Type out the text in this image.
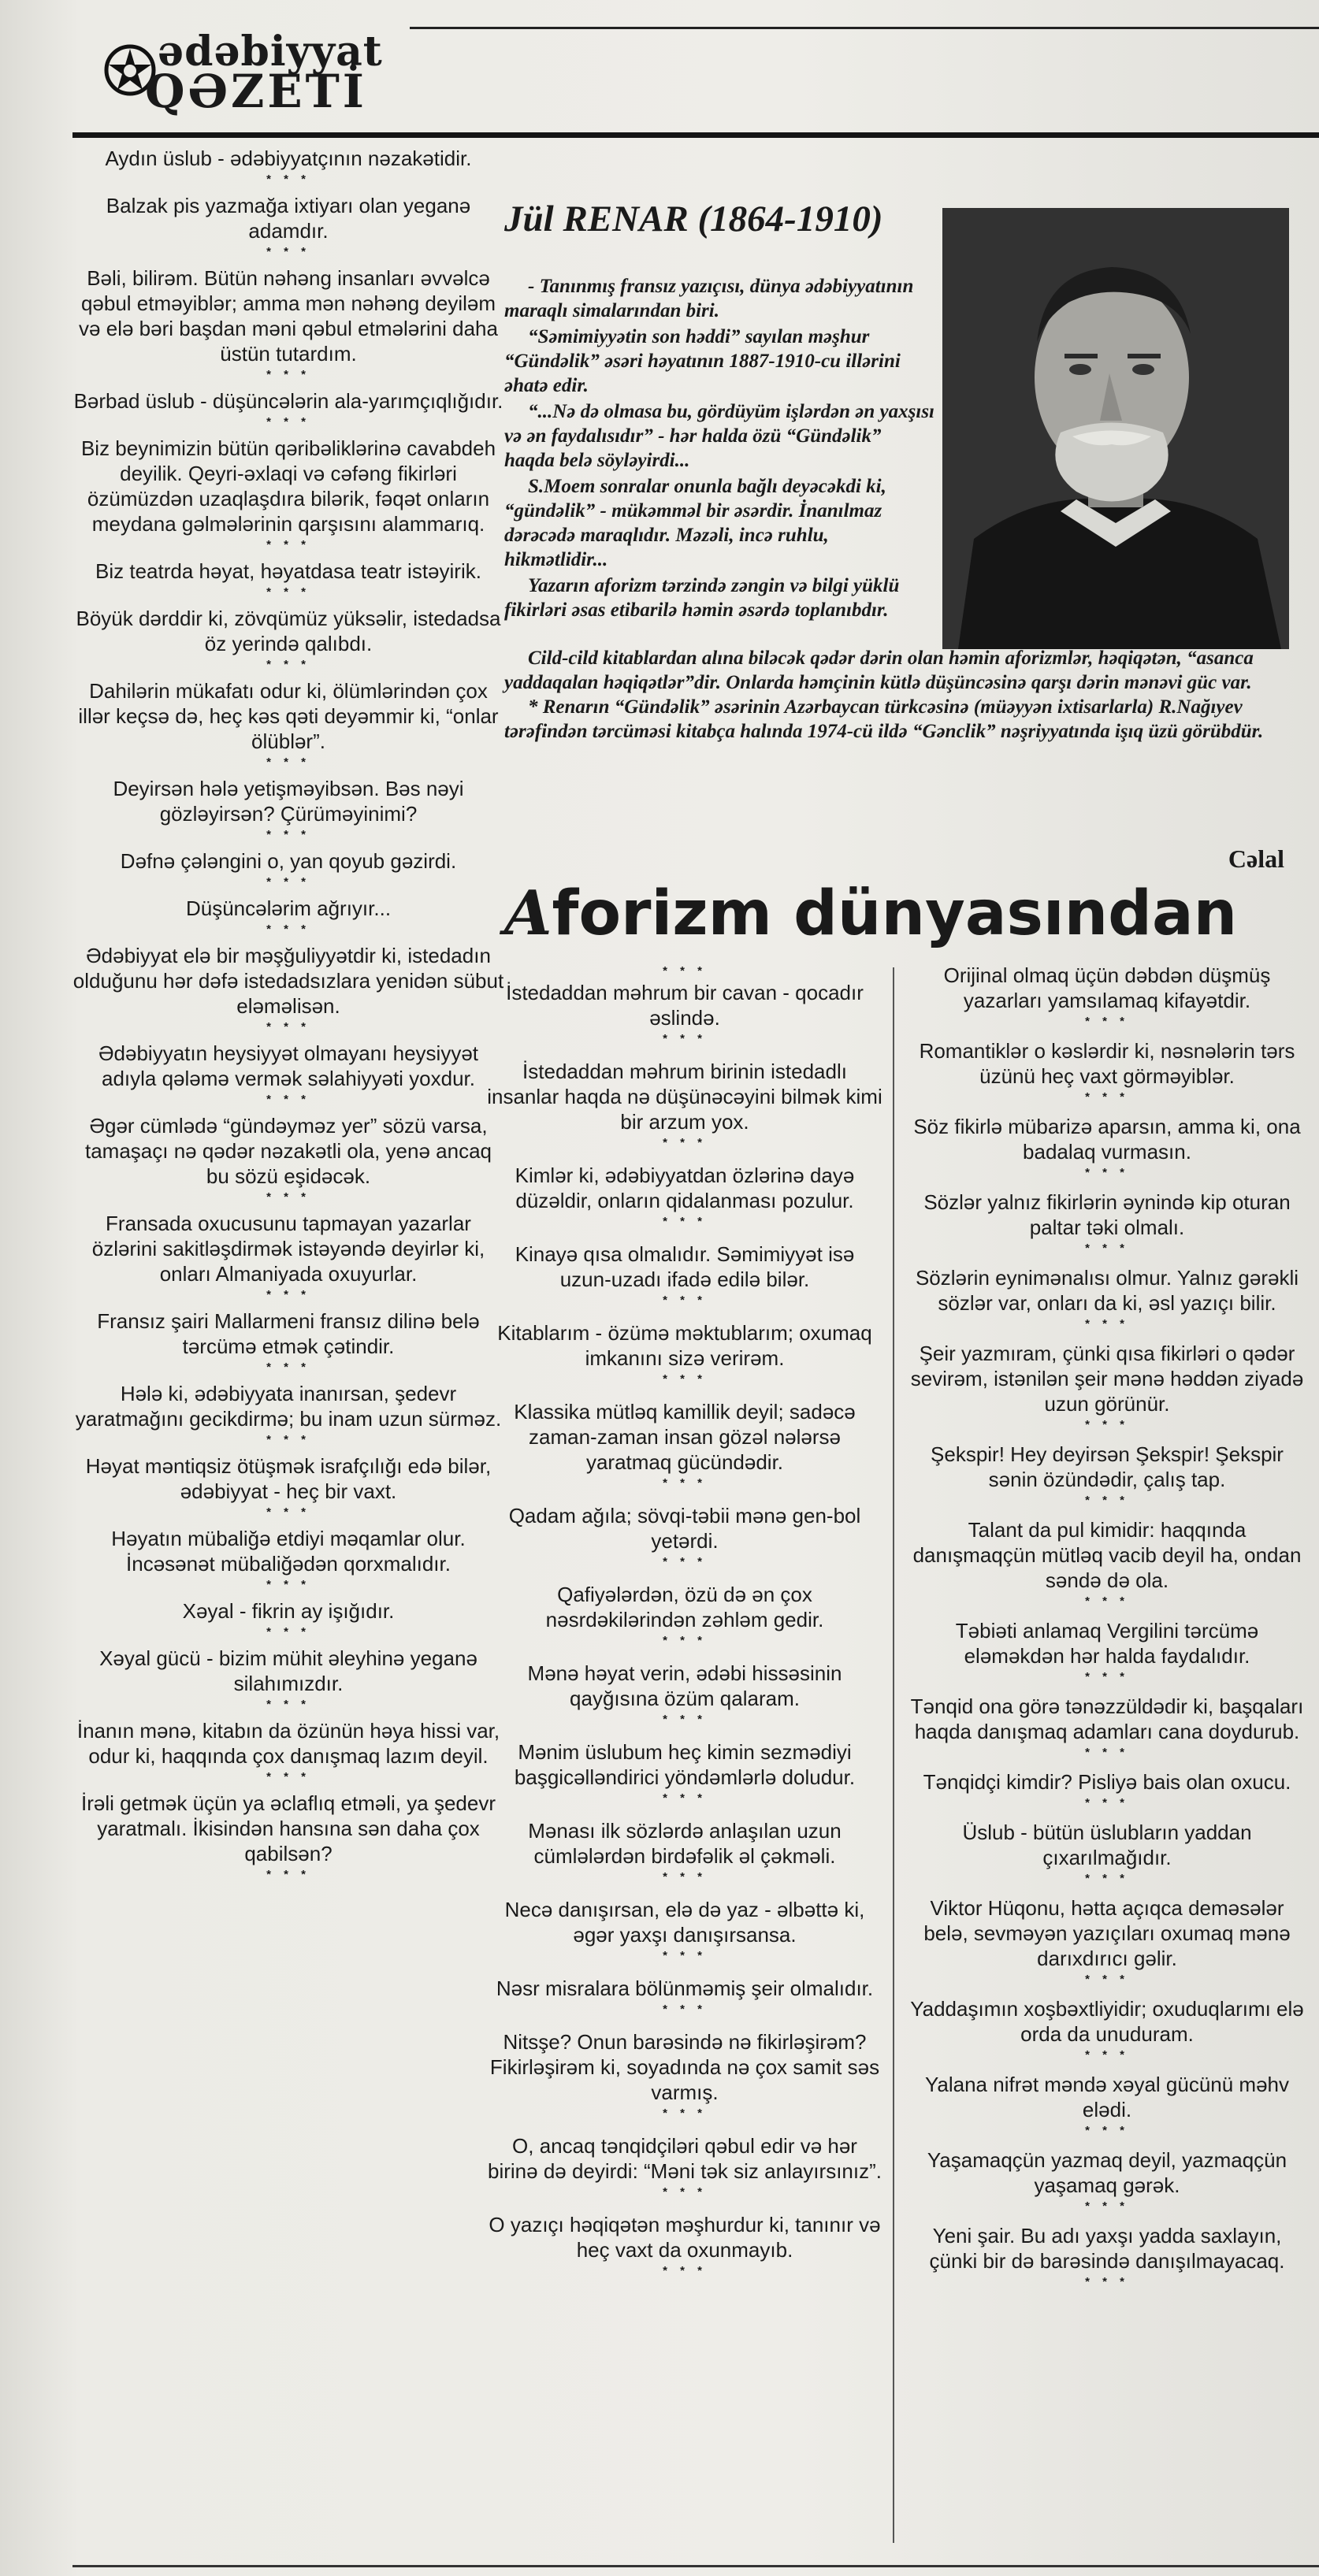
ədəbiyyat
QƏZETİ

Aydın üslub - ədəbiyyatçının nəzakətidir.

* * *

Balzak pis yazmağa ixtiyarı olan yeganə adamdır.

* * *

Bəli, bilirəm. Bütün nəhəng insanları əvvəlcə qəbul etməyiblər; amma mən nəhəng deyiləm və elə bəri başdan məni qəbul etmələrini daha üstün tutardım.

* * *

Bərbad üslub - düşüncələrin ala-yarımçıqlığıdır.

* * *

Biz beynimizin bütün qəribəliklərinə cavabdeh deyilik. Qeyri-əxlaqi və cəfəng fikirləri özümüzdən uzaqlaşdıra bilərik, fəqət onların meydana gəlmələrinin qarşısını alammarıq.

* * *

Biz teatrda həyat, həyatdasa teatr istəyirik.

* * *

Böyük dərddir ki, zövqümüz yüksəlir, istedadsa öz yerində qalıbdı.

* * *

Dahilərin mükafatı odur ki, ölümlərindən çox illər keçsə də, heç kəs qəti deyəmmir ki, “onlar ölüblər”.

* * *

Deyirsən hələ yetişməyibsən. Bəs nəyi gözləyirsən? Çürüməyinimi?

* * *

Dəfnə çələngini o, yan qoyub gəzirdi.

* * *

Düşüncələrim ağrıyır...

* * *

Ədəbiyyat elə bir məşğuliyyətdir ki, istedadın olduğunu hər dəfə istedadsızlara yenidən sübut eləməlisən.

* * *

Ədəbiyyatın heysiyyət olmayanı heysiyyət adıyla qələmə vermək səlahiyyəti yoxdur.

* * *

Əgər cümlədə “gündəyməz yer” sözü varsa, tamaşaçı nə qədər nəzakətli ola, yenə ancaq bu sözü eşidəcək.

* * *

Fransada oxucusunu tapmayan yazarlar özlərini sakitləşdirmək istəyəndə deyirlər ki, onları Almaniyada oxuyurlar.

* * *

Fransız şairi Mallarmeni fransız dilinə belə tərcümə etmək çətindir.

* * *

Hələ ki, ədəbiyyata inanırsan, şedevr yaratmağını gecikdirmə; bu inam uzun sürməz.

* * *

Həyat məntiqsiz ötüşmək israfçılığı edə bilər, ədəbiyyat - heç bir vaxt.

* * *

Həyatın mübaliğə etdiyi məqamlar olur. İncəsənət mübaliğədən qorxmalıdır.

* * *

Xəyal - fikrin ay işığıdır.

* * *

Xəyal gücü - bizim mühit əleyhinə yeganə silahımızdır.

* * *

İnanın mənə, kitabın da özünün həya hissi var, odur ki, haqqında çox danışmaq lazım deyil.

* * *

İrəli getmək üçün ya əclaflıq etməli, ya şedevr yaratmalı. İkisindən hansına sən daha çox qabilsən?

* * *
Jül RENAR (1864-1910)

- Tanınmış fransız yazıçısı, dünya ədəbiyyatının maraqlı simalarından biri.

“Səmimiyyətin son həddi” sayılan məşhur “Gündəlik” əsəri həyatının 1887-1910-cu illərini əhatə edir.

“...Nə də olmasa bu, gördüyüm işlərdən ən yaxşısı və ən faydalısıdır” - hər halda özü “Gündəlik” haqda belə söyləyirdi...

S.Moem sonralar onunla bağlı deyəcəkdi ki, “gündəlik” - mükəmməl bir əsərdir. İnanılmaz dərəcədə maraqlıdır. Məzəli, incə ruhlu, hikmətlidir...

Yazarın aforizm tərzində zəngin və bilgi yüklü fikirləri əsas etibarilə həmin əsərdə toplanıbdır.

Cild-cild kitablardan alına biləcək qədər dərin olan həmin aforizmlər, həqiqətən, “asanca yaddaqalan həqiqətlər”dir. Onlarda həmçinin kütlə düşüncəsinə qarşı dərin mənəvi güc var.

* Renarın “Gündəlik” əsərinin Azərbaycan türkcəsinə (müəyyən ixtisarlarla) R.Nağıyev tərəfindən tərcüməsi kitabça halında 1974-cü ildə “Gənclik” nəşriyyatında işıq üzü görübdür.

Cəlal
Aforizm dünyasından
* * *

İstedaddan məhrum bir cavan - qocadır əslində.

* * *

İstedaddan məhrum birinin istedadlı insanlar haqda nə düşünəcəyini bilmək kimi bir arzum yox.

* * *

Kimlər ki, ədəbiyyatdan özlərinə dayə düzəldir, onların qidalanması pozulur.

* * *

Kinayə qısa olmalıdır. Səmimiyyət isə uzun-uzadı ifadə edilə bilər.

* * *

Kitablarım - özümə məktublarım; oxumaq imkanını sizə verirəm.

* * *

Klassika mütləq kamillik deyil; sadəcə zaman-zaman insan gözəl nələrsə yaratmaq gücündədir.

* * *

Qadam ağıla; sövqi-təbii mənə gen-bol yetərdi.

* * *

Qafiyələrdən, özü də ən çox nəsrdəkilərindən zəhləm gedir.

* * *

Mənə həyat verin, ədəbi hissəsinin qayğısına özüm qalaram.

* * *

Mənim üslubum heç kimin sezmədiyi başgicəlləndirici yöndəmlərlə doludur.

* * *

Mənası ilk sözlərdə anlaşılan uzun cümlələrdən birdəfəlik əl çəkməli.

* * *

Necə danışırsan, elə də yaz - əlbəttə ki, əgər yaxşı danışırsansa.

* * *

Nəsr misralara bölünməmiş şeir olmalıdır.

* * *

Nitsşe? Onun barəsində nə fikirləşirəm? Fikirləşirəm ki, soyadında nə çox samit səs varmış.

* * *

O, ancaq tənqidçiləri qəbul edir və hər birinə də deyirdi: “Məni tək siz anlayırsınız”.

* * *

O yazıçı həqiqətən məşhurdur ki, tanınır və heç vaxt da oxunmayıb.

* * *

Orijinal olmaq üçün dəbdən düşmüş yazarları yamsılamaq kifayətdir.

* * *

Romantiklər o kəslərdir ki, nəsnələrin tərs üzünü heç vaxt görməyiblər.

* * *

Söz fikirlə mübarizə aparsın, amma ki, ona badalaq vurmasın.

* * *

Sözlər yalnız fikirlərin əynində kip oturan paltar təki olmalı.

* * *

Sözlərin eynimənalısı olmur. Yalnız gərəkli sözlər var, onları da ki, əsl yazıçı bilir.

* * *

Şeir yazmıram, çünki qısa fikirləri o qədər sevirəm, istənilən şeir mənə həddən ziyadə uzun görünür.

* * *

Şekspir! Hey deyirsən Şekspir! Şekspir sənin özündədir, çalış tap.

* * *

Talant da pul kimidir: haqqında danışmaqçün mütləq vacib deyil ha, ondan səndə də ola.

* * *

Təbiəti anlamaq Vergilini tərcümə eləməkdən hər halda faydalıdır.

* * *

Tənqid ona görə tənəzzüldədir ki, başqaları haqda danışmaq adamları cana doydurub.

* * *

Tənqidçi kimdir? Pisliyə bais olan oxucu.

* * *

Üslub - bütün üslubların yaddan çıxarılmağıdır.

* * *

Viktor Hüqonu, hətta açıqca deməsələr belə, sevməyən yazıçıları oxumaq mənə darıxdırıcı gəlir.

* * *

Yaddaşımın xoşbəxtliyidir; oxuduqlarımı elə orda da unuduram.

* * *

Yalana nifrət məndə xəyal gücünü məhv elədi.

* * *

Yaşamaqçün yazmaq deyil, yazmaqçün yaşamaq gərək.

* * *

Yeni şair. Bu adı yaxşı yadda saxlayın, çünki bir də barəsində danışılmayacaq.

* * *
